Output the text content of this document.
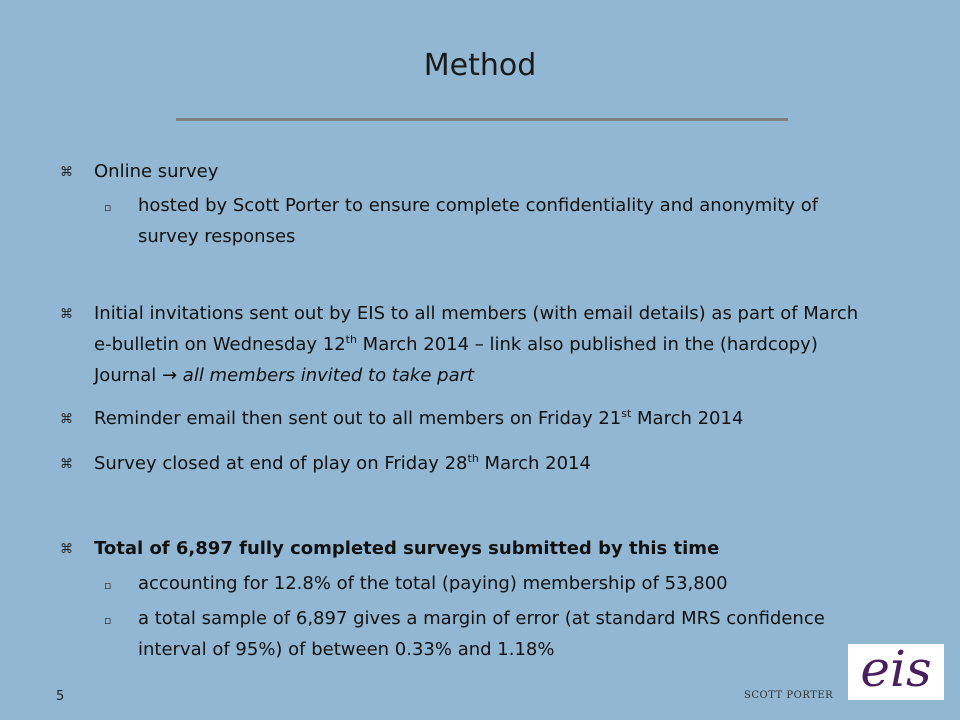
Method
⌘	Online survey
▫	hosted by Scott Porter to ensure complete confidentiality and anonymity of survey responses
⌘	Initial invitations sent out by EIS to all members (with email details) as part of March e-bulletin on Wednesday 12th March 2014 – link also published in the (hardcopy) Journal → all members invited to take part
⌘	Reminder email then sent out to all members on Friday 21st March 2014
⌘	Survey closed at end of play on Friday 28th March 2014
⌘	Total of 6,897 fully completed surveys submitted by this time
▫	accounting for 12.8% of the total (paying) membership of 53,800
▫	a total sample of 6,897 gives a margin of error (at standard MRS confidence interval of 95%) of between 0.33% and 1.18%
5	SCOTT PORTER eis
